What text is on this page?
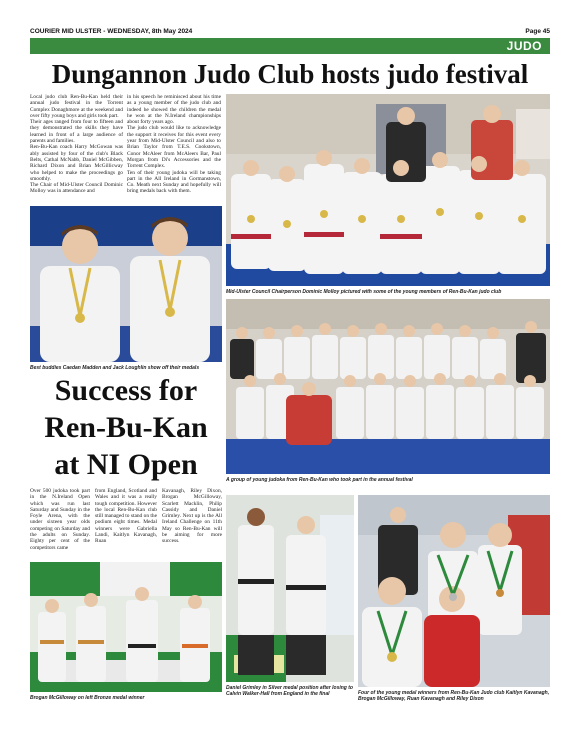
COURIER MID ULSTER - WEDNESDAY, 8th May 2024	Page 45
JUDO
Dungannon Judo Club hosts judo festival

Local judo club Ren-Bu-Kan held their annual judo festival in the Torrent Complex Donaghmore at the weekend and over fifty young boys and girls took part.

Their ages ranged from four to fifteen and they demonstrated the skills they have learned in front of a large audience of parents and families.

Ren-Bu-Kan coach Harry McGowan was ably assisted by four of the club's Black Belts, Cathal McNabb, Daniel McGibben, Richard Dixon and Brian McGillicway who helped to make the proceedings go smoothly.

The Chair of Mid-Ulster Council Dominic Molloy was in attendance and

in his speech he reminisced about his time as a young member of the judo club and indeed he showed the children the medal he won at the N.Ireland championships about forty years ago.

The judo club would like to acknowledge the support it receives for this event every year from Mid-Ulster Council and also to Brian Taylor from T.E.S. Cookstown, Conor McAleer from McAleers Bar, Paul Morgan from Di's Accessories and the Torrent Complex.

Ten of their young judoka will be taking part in the All Ireland in Gormanstown, Co. Meath next Sunday and hopefully will bring medals back with them.

Mid-Ulster Council Chairperson Dominic Molloy pictured with some of the young members of Ren-Bu-Kan judo club
Best buddies Caedan Madden and Jack Loughlin show off their medals
A group of young judoka from Ren-Bu-Kan who took part in the annual festival
Success for Ren-Bu-Kan at NI Open

Over 500 judoka took part in the N.Ireland Open which was run last Saturday and Sunday in the Foyle Arena, with the under sixteen year olds competing on Saturday and the adults on Sunday. Eighty per cent of the competitors came

from England, Scotland and Wales and it was a really tough competition. However the local Ren-Bu-Kan club still managed to stand on the podium eight times. Medal winners were Gabriella Landi, Kaitlyn Kavanagh, Ruan

Kavanagh, Riley Dixon, Brogan McGilloway, Scarlett Macklin, Philip Cassidy and Daniel Grimley. Next up is the All Ireland Challenge on 11th May so Ren-Bu-Kan will be aiming for more success.

Brogan McGilloway on left Bronze medal winner
Daniel Grimley in Silver medal position after losing to Calvin Walker-Hall from England in the final	Four of the young medal winners from Ren-Bu-Kan Judo club Kaitlyn Kavanagh, Brogan McGilloway, Ruan Kavanagh and Riley Dixon
